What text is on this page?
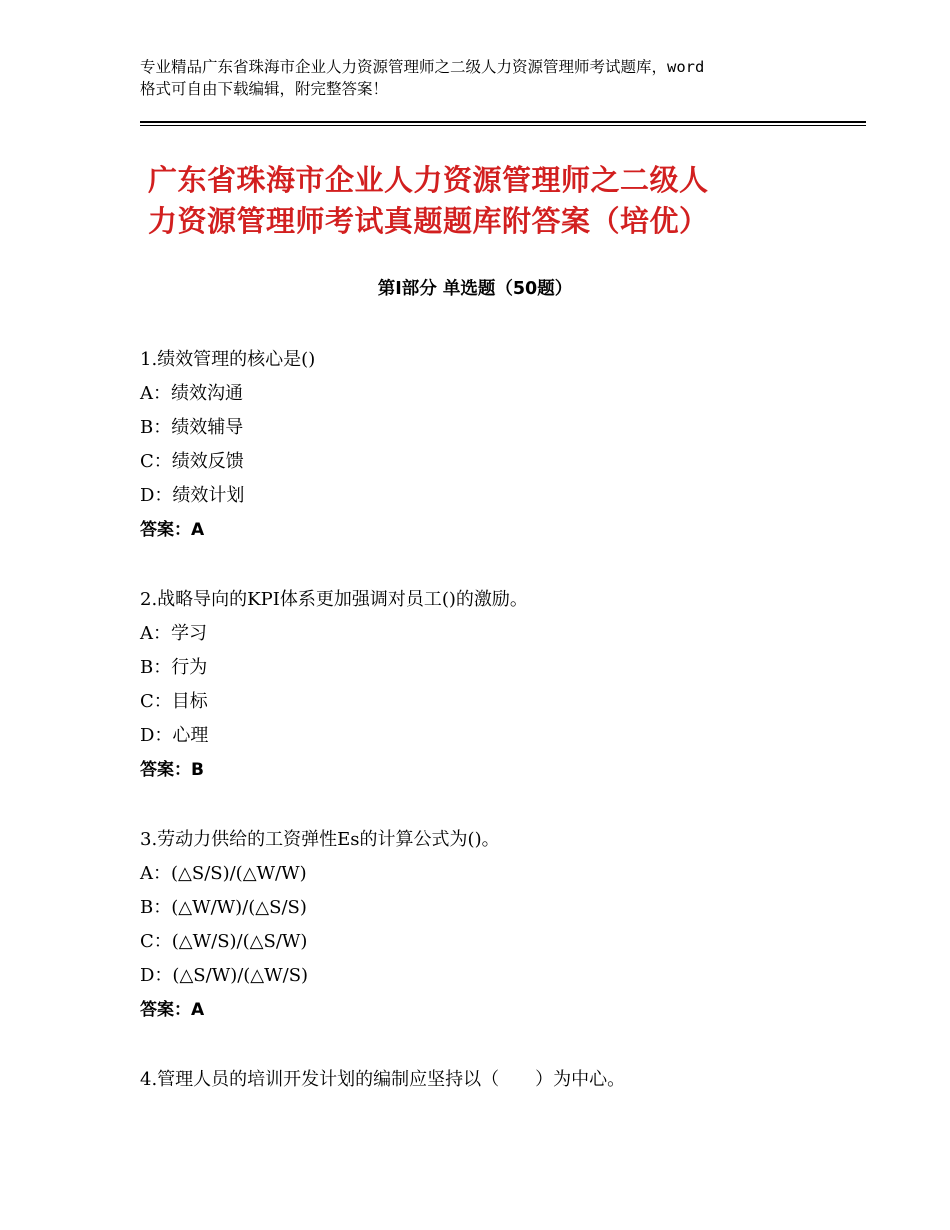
专业精品广东省珠海市企业人力资源管理师之二级人力资源管理师考试题库，word
格式可自由下载编辑，附完整答案！
广东省珠海市企业人力资源管理师之二级人
力资源管理师考试真题题库附答案（培优）
第Ⅰ部分 单选题（50题）
1.绩效管理的核心是()
A：绩效沟通
B：绩效辅导
C：绩效反馈
D：绩效计划
答案：A
2.战略导向的KPI体系更加强调对员工()的激励。
A：学习
B：行为
C：目标
D：心理
答案：B
3.劳动力供给的工资弹性Es的计算公式为()。
A：(△S/S)/(△W/W)
B：(△W/W)/(△S/S)
C：(△W/S)/(△S/W)
D：(△S/W)/(△W/S)
答案：A
4.管理人员的培训开发计划的编制应坚持以（　　）为中心。
